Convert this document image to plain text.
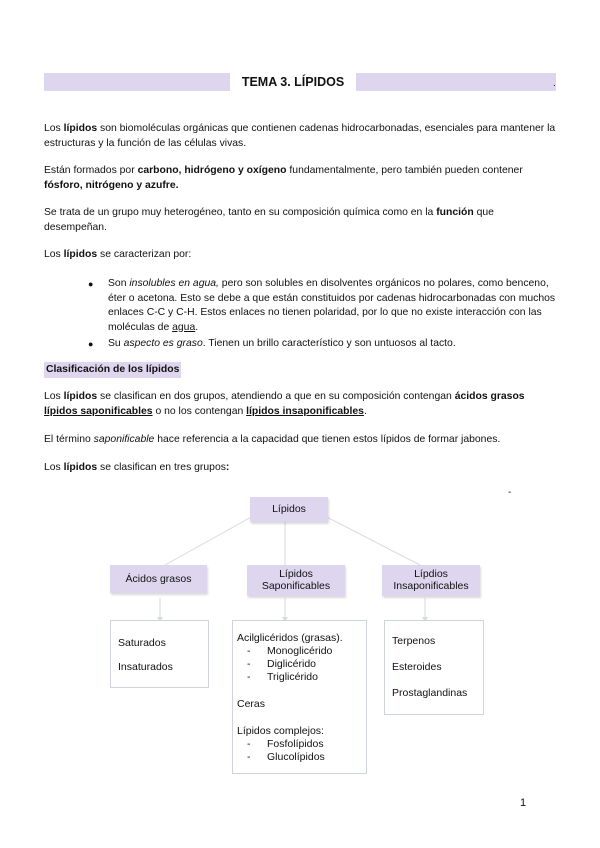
TEMA 3. LÍPIDOS	.

Los lípidos son biomoléculas orgánicas que contienen cadenas hidrocarbonadas, esenciales para mantener la estructuras y la función de las células vivas.

Están formados por carbono, hidrógeno y oxígeno fundamentalmente, pero también pueden contener fósforo, nitrógeno y azufre.

Se trata de un grupo muy heterogéneo, tanto en su composición química como en la función que desempeñan.

Los lípidos se caracterizan por:

● Son insolubles en agua, pero son solubles en disolventes orgánicos no polares, como benceno, éter o acetona. Esto se debe a que están constituidos por cadenas hidrocarbonadas con muchos enlaces C-C y C-H. Estos enlaces no tienen polaridad, por lo que no existe interacción con las moléculas de agua.
● Su aspecto es graso. Tienen un brillo característico y son untuosos al tacto.
Clasificación de los lípidos

Los lípidos se clasifican en dos grupos, atendiendo a que en su composición contengan ácidos grasos lípidos saponificables o no los contengan lípidos insaponificables.

El término saponificable hace referencia a la capacidad que tienen estos lípidos de formar jabones.

Los lípidos se clasifican en tres grupos:

-
Lípidos
Ácidos grasos	Lípidos
Saponificables
Lípdios
Insaponificables
Saturados
Insaturados
Acilglicéridos (grasas).
- Monoglicérido
- Diglicérido
- Triglicérido
Ceras
Lípidos complejos:
- Fosfolípidos
- Glucolípidos
Terpenos
Esteroides
Prostaglandinas
1
